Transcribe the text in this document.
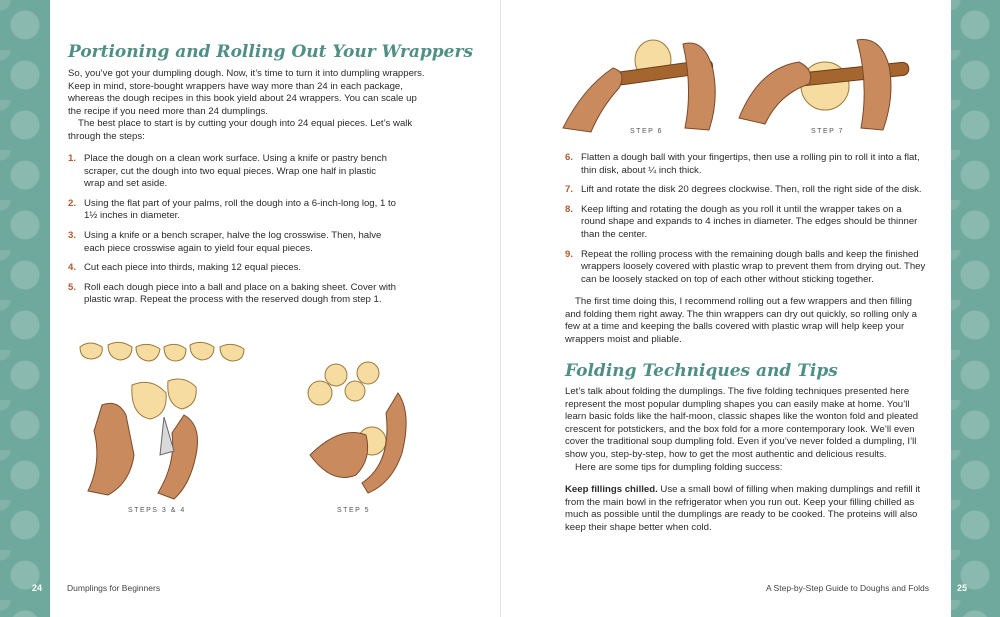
Portioning and Rolling Out Your Wrappers

So, you’ve got your dumpling dough. Now, it’s time to turn it into dumpling wrappers. Keep in mind, store-bought wrappers have way more than 24 in each package, whereas the dough recipes in this book yield about 24 wrappers. You can scale up the recipe if you need more than 24 dumplings.

The best place to start is by cutting your dough into 24 equal pieces. Let’s walk through the steps:

1. Place the dough on a clean work surface. Using a knife or pastry bench scraper, cut the dough into two equal pieces. Wrap one half in plastic wrap and set aside.
2. Using the flat part of your palms, roll the dough into a 6-inch-long log, 1 to 1½ inches in diameter.
3. Using a knife or a bench scraper, halve the log crosswise. Then, halve each piece crosswise again to yield four equal pieces.
4. Cut each piece into thirds, making 12 equal pieces.
5. Roll each dough piece into a ball and place on a baking sheet. Cover with plastic wrap. Repeat the process with the reserved dough from step 1.
STEPS 3 & 4	STEP 5
24	Dumplings for Beginners
STEP 6	STEP 7
6. Flatten a dough ball with your fingertips, then use a rolling pin to roll it into a flat, thin disk, about ¼ inch thick.
7. Lift and rotate the disk 20 degrees clockwise. Then, roll the right side of the disk.
8. Keep lifting and rotating the dough as you roll it until the wrapper takes on a round shape and expands to 4 inches in diameter. The edges should be thinner than the center.
9. Repeat the rolling process with the remaining dough balls and keep the finished wrappers loosely covered with plastic wrap to prevent them from drying out. They can be loosely stacked on top of each other without sticking together.

The first time doing this, I recommend rolling out a few wrappers and then filling and folding them right away. The thin wrappers can dry out quickly, so rolling only a few at a time and keeping the balls covered with plastic wrap will help keep your wrappers moist and pliable.

Folding Techniques and Tips

Let’s talk about folding the dumplings. The five folding techniques presented here represent the most popular dumpling shapes you can easily make at home. You’ll learn basic folds like the half-moon, classic shapes like the wonton fold and pleated crescent for potstickers, and the box fold for a more contemporary look. We’ll even cover the traditional soup dumpling fold. Even if you’ve never folded a dumpling, I’ll show you, step-by-step, how to get the most authentic and delicious results.

Here are some tips for dumpling folding success:

Keep fillings chilled. Use a small bowl of filling when making dumplings and refill it from the main bowl in the refrigerator when you run out. Keep your filling chilled as much as possible until the dumplings are ready to be cooked. The proteins will also keep their shape better when cold.

A Step-by-Step Guide to Doughs and Folds	25
